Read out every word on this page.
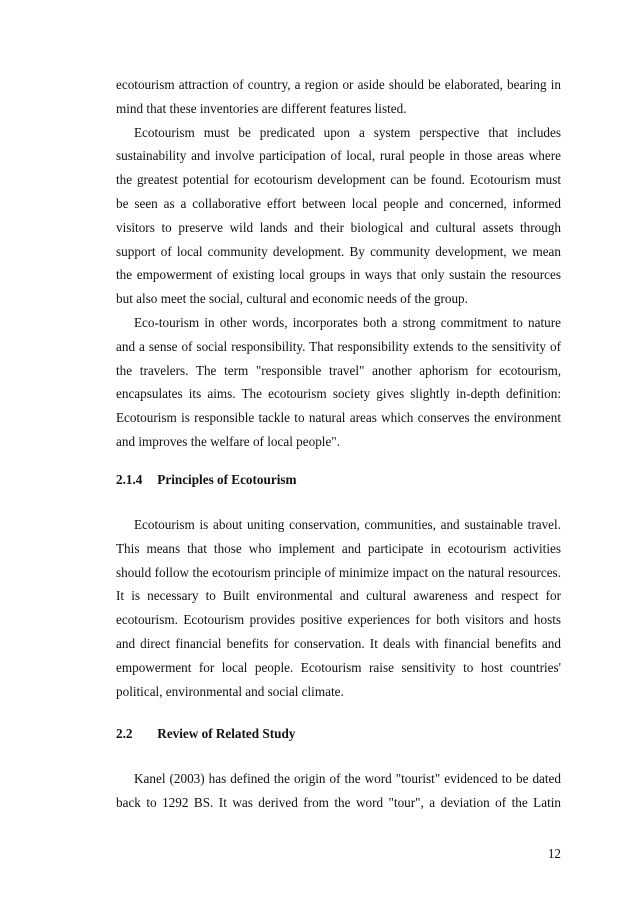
ecotourism attraction of country, a region or aside should be elaborated, bearing in mind that these inventories are different features listed.

Ecotourism must be predicated upon a system perspective that includes sustainability and involve participation of local, rural people in those areas where the greatest potential for ecotourism development can be found. Ecotourism must be seen as a collaborative effort between local people and concerned, informed visitors to preserve wild lands and their biological and cultural assets through support of local community development. By community development, we mean the empowerment of existing local groups in ways that only sustain the resources but also meet the social, cultural and economic needs of the group.

Eco-tourism in other words, incorporates both a strong commitment to nature and a sense of social responsibility. That responsibility extends to the sensitivity of the travelers. The term "responsible travel" another aphorism for ecotourism, encapsulates its aims. The ecotourism society gives slightly in-depth definition: Ecotourism is responsible tackle to natural areas which conserves the environment and improves the welfare of local people".

2.1.4 Principles of Ecotourism

Ecotourism is about uniting conservation, communities, and sustainable travel. This means that those who implement and participate in ecotourism activities should follow the ecotourism principle of minimize impact on the natural resources. It is necessary to Built environmental and cultural awareness and respect for ecotourism. Ecotourism provides positive experiences for both visitors and hosts and direct financial benefits for conservation. It deals with financial benefits and empowerment for local people. Ecotourism raise sensitivity to host countries' political, environmental and social climate.

2.2 Review of Related Study

Kanel (2003) has defined the origin of the word "tourist" evidenced to be dated back to 1292 BS. It was derived from the word "tour", a deviation of the Latin

12
